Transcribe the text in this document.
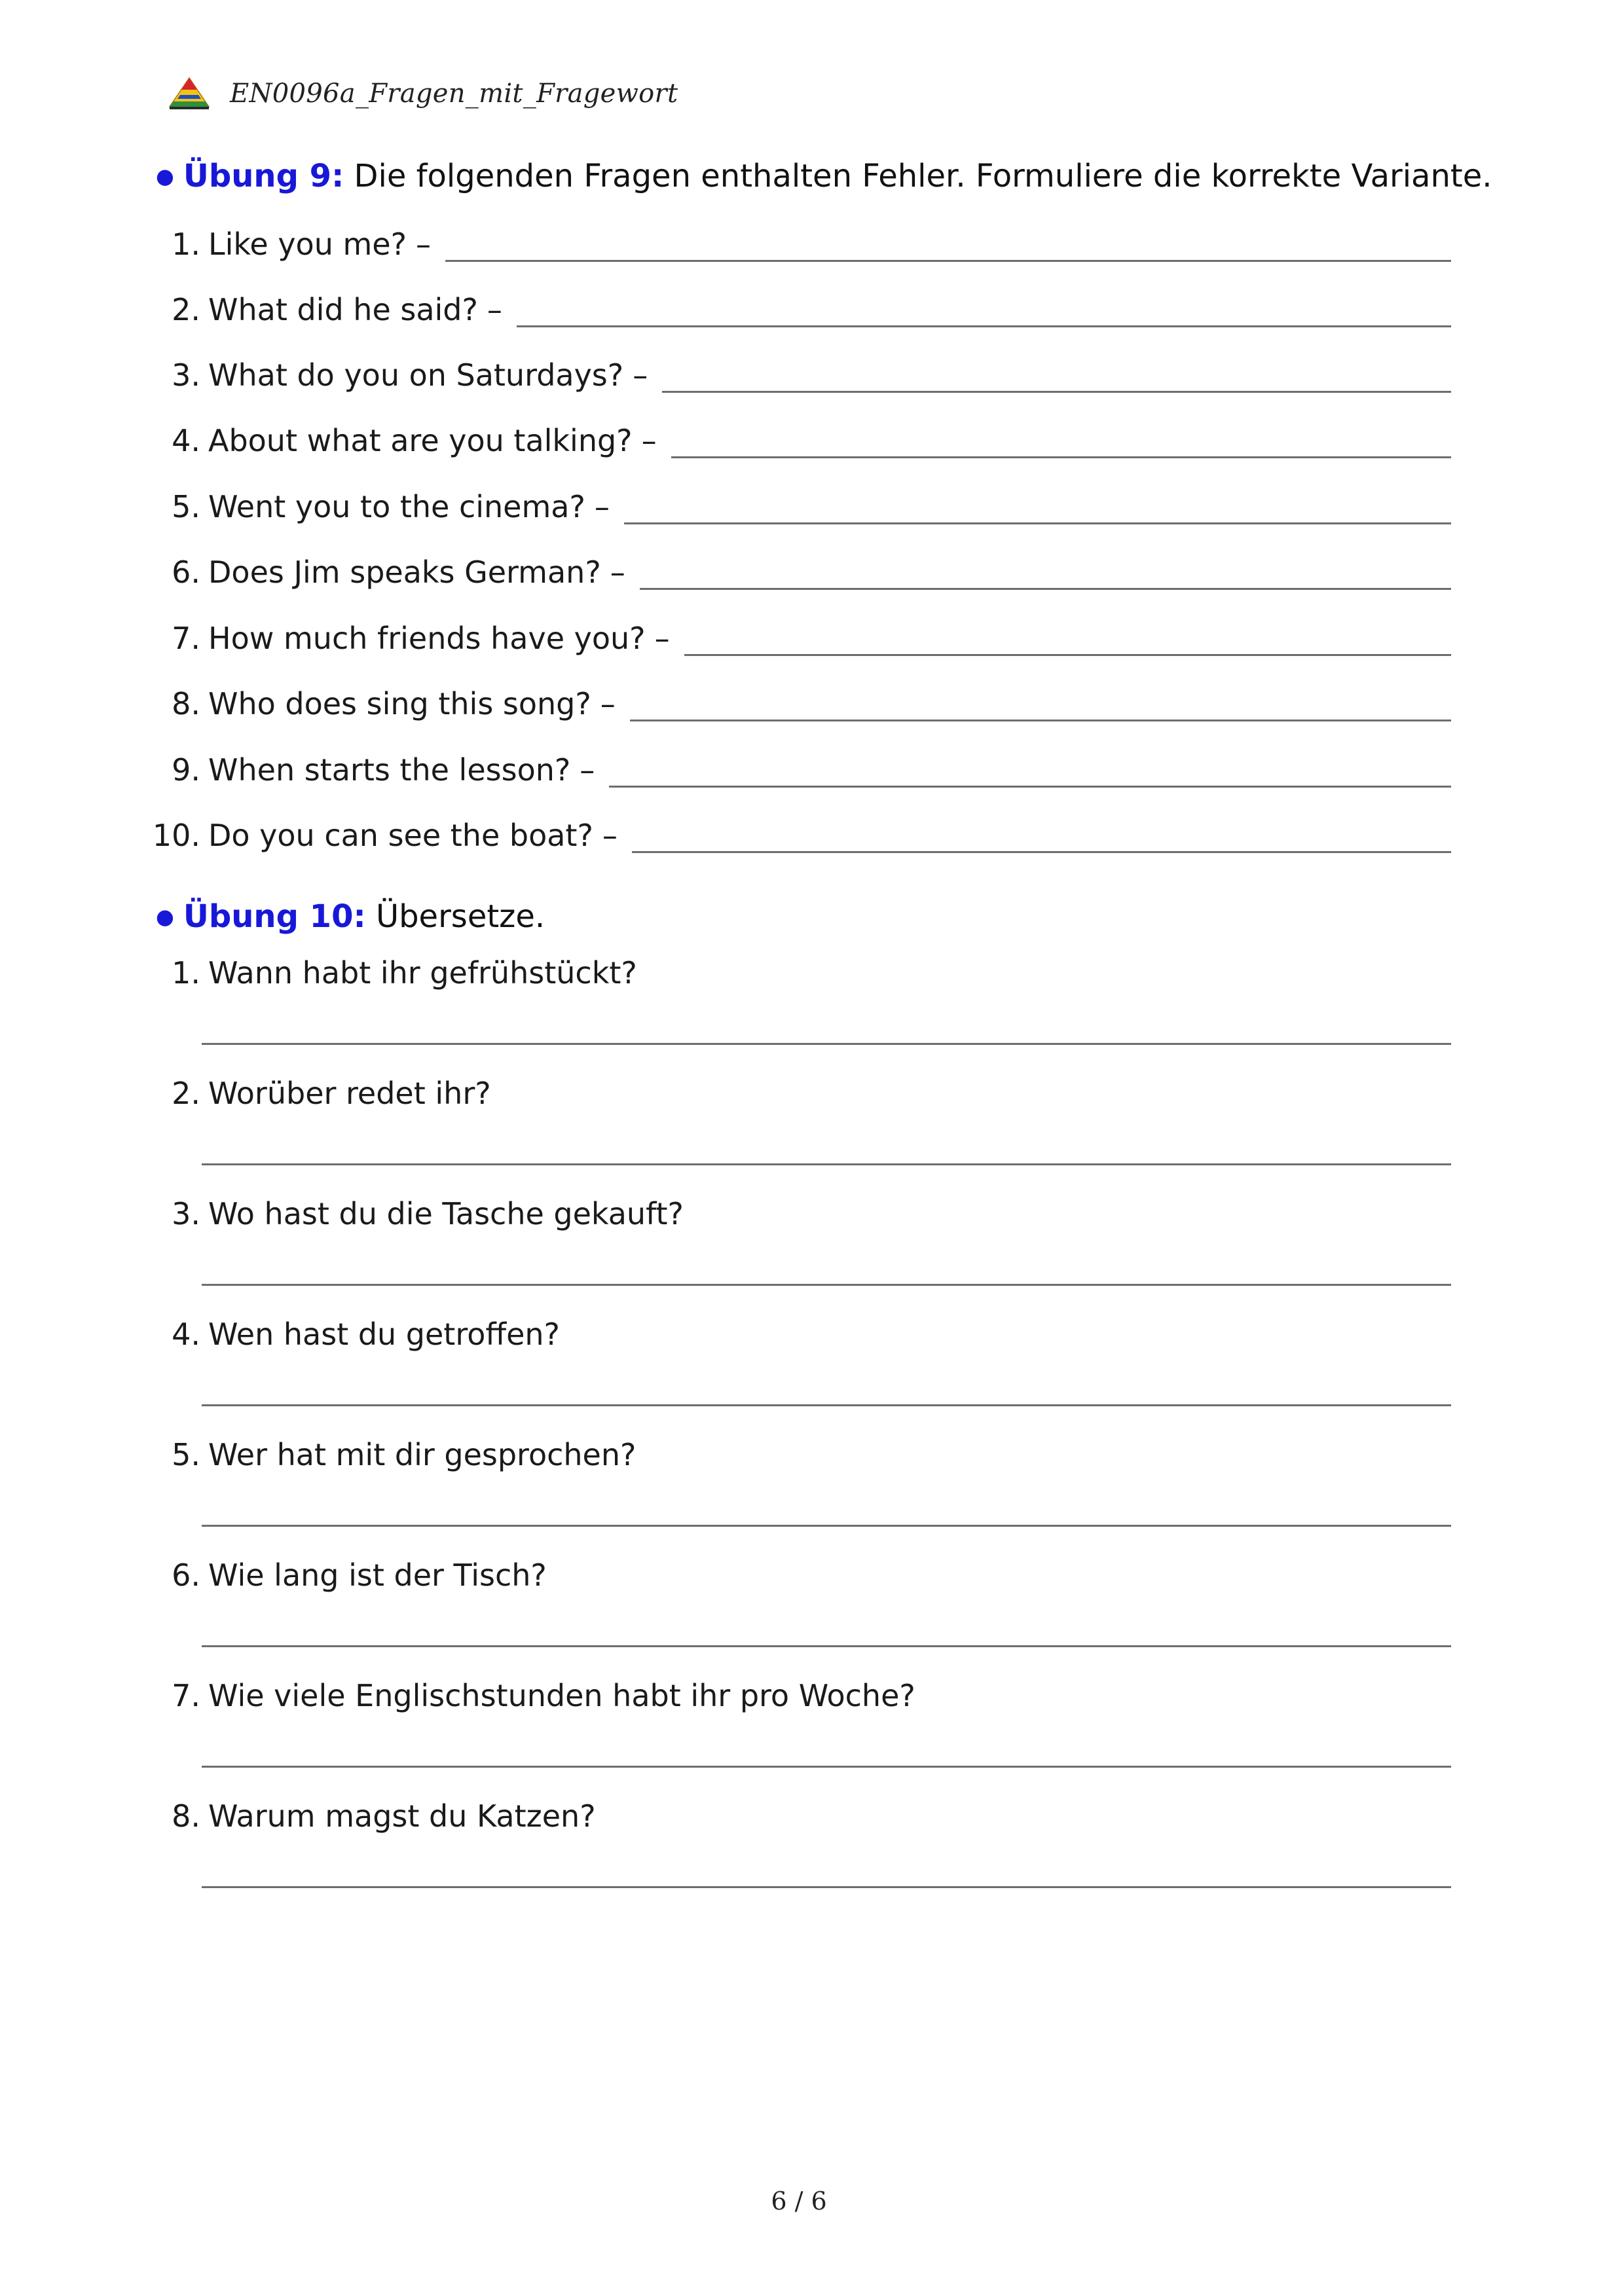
EN0096a_Fragen_mit_Fragewort
● Übung 9: Die folgenden Fragen enthalten Fehler. Formuliere die korrekte Variante.
1. Like you me? –
2. What did he said? –
3. What do you on Saturdays? –
4. About what are you talking? –
5. Went you to the cinema? –
6. Does Jim speaks German? –
7. How much friends have you? –
8. Who does sing this song? –
9. When starts the lesson? –
10. Do you can see the boat? –
● Übung 10: Übersetze.
1. Wann habt ihr gefrühstückt?
2. Worüber redet ihr?
3. Wo hast du die Tasche gekauft?
4. Wen hast du getroffen?
5. Wer hat mit dir gesprochen?
6. Wie lang ist der Tisch?
7. Wie viele Englischstunden habt ihr pro Woche?
8. Warum magst du Katzen?
6 / 6
